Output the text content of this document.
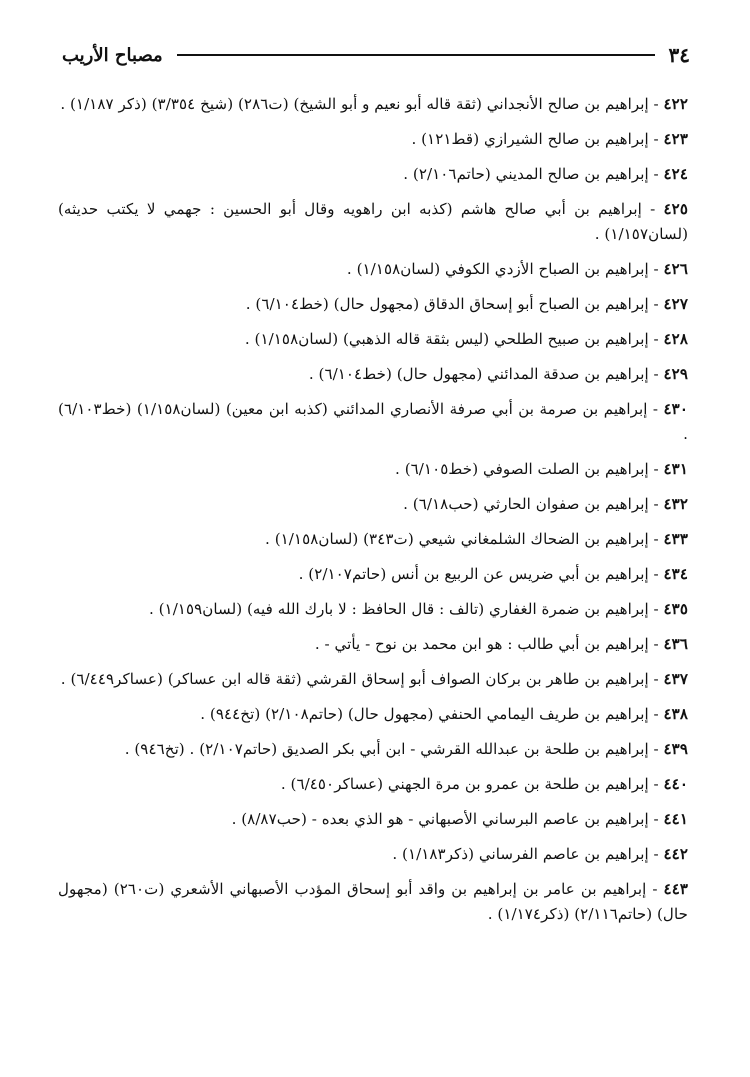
٣٤
مصباح الأريب
٤٢٢ - إبراهيم بن صالح الأنجداني (ثقة قاله أبو نعيم و أبو الشيخ) (ت٢٨٦) (شيخ ٣/٣٥٤) (ذكر ١/١٨٧) .
٤٢٣ - إبراهيم بن صالح الشيرازي (قط١٢١) .
٤٢٤ - إبراهيم بن صالح المديني (حاتم٢/١٠٦) .
٤٢٥ - إبراهيم بن أبي صالح هاشم (كذبه ابن راهويه وقال أبو الحسين : جهمي لا يكتب حديثه) (لسان١/١٥٧) .
٤٢٦ - إبراهيم بن الصباح الأزدي الكوفي (لسان١/١٥٨) .
٤٢٧ - إبراهيم بن الصباح أبو إسحاق الدقاق (مجهول حال) (خط٦/١٠٤) .
٤٢٨ - إبراهيم بن صبيح الطلحي (ليس بثقة قاله الذهبي) (لسان١/١٥٨) .
٤٢٩ - إبراهيم بن صدقة المدائني (مجهول حال) (خط٦/١٠٤) .
٤٣٠ - إبراهيم بن صرمة بن أبي صرفة الأنصاري المدائني (كذبه ابن معين) (لسان١/١٥٨) (خط٦/١٠٣) .
٤٣١ - إبراهيم بن الصلت الصوفي (خط٦/١٠٥) .
٤٣٢ - إبراهيم بن صفوان الحارثي (حب٦/١٨) .
٤٣٣ - إبراهيم بن الضحاك الشلمغاني شيعي (ت٣٤٣) (لسان١/١٥٨) .
٤٣٤ - إبراهيم بن أبي ضريس عن الربيع بن أنس (حاتم٢/١٠٧) .
٤٣٥ - إبراهيم بن ضمرة الغفاري (تالف : قال الحافظ : لا بارك الله فيه) (لسان١/١٥٩) .
٤٣٦ - إبراهيم بن أبي طالب : هو ابن محمد بن نوح - يأتي - .
٤٣٧ - إبراهيم بن طاهر بن بركان الصواف أبو إسحاق القرشي (ثقة قاله ابن عساكر) (عساكر٦/٤٤٩) .
٤٣٨ - إبراهيم بن طريف اليمامي الحنفي (مجهول حال) (حاتم٢/١٠٨) (تخ٩٤٤) .
٤٣٩ - إبراهيم بن طلحة بن عبدالله القرشي - ابن أبي بكر الصديق (حاتم٢/١٠٧) . (تخ٩٤٦) .
٤٤٠ - إبراهيم بن طلحة بن عمرو بن مرة الجهني (عساكر٦/٤٥٠) .
٤٤١ - إبراهيم بن عاصم البرساني الأصبهاني - هو الذي بعده - (حب٨/٨٧) .
٤٤٢ - إبراهيم بن عاصم الفرساني (ذكر١/١٨٣) .
٤٤٣ - إبراهيم بن عامر بن إبراهيم بن واقد أبو إسحاق المؤدب الأصبهاني الأشعري (ت٢٦٠) (مجهول حال) (حاتم٢/١١٦) (ذكر١/١٧٤) .
